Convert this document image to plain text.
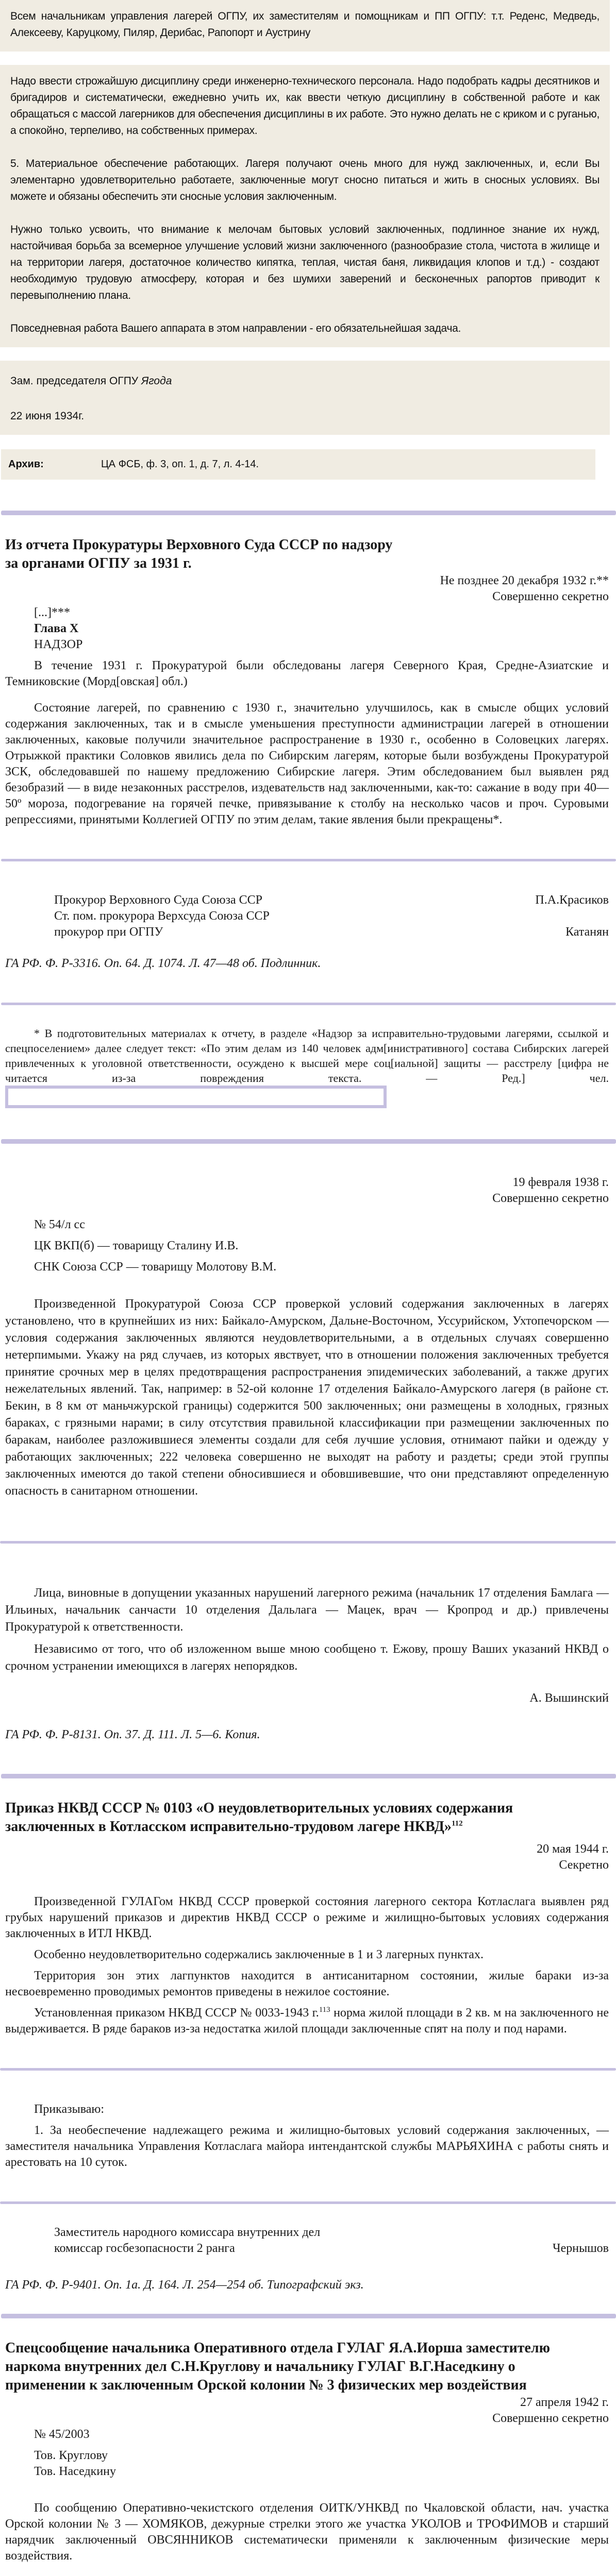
Всем начальникам управления лагерей ОГПУ, их заместителям и помощникам и ПП ОГПУ: т.т. Реденс, Медведь, Алексееву, Каруцкому, Пиляр, Дерибас, Рапопорт и Аустрину

Надо ввести строжайшую дисциплину среди инженерно-технического персонала. Надо подобрать кадры десятников и бригадиров и систематически, ежедневно учить их, как ввести четкую дисциплину в собственной работе и как обращаться с массой лагерников для обеспечения дисциплины в их работе. Это нужно делать не с криком и с руганью, а спокойно, терпеливо, на собственных примерах.

5. Материальное обеспечение работающих. Лагеря получают очень много для нужд заключенных, и, если Вы элементарно удовлетворительно работаете, заключенные могут сносно питаться и жить в сносных условиях. Вы можете и обязаны обеспечить эти сносные условия заключенным.

Нужно только усвоить, что внимание к мелочам бытовых условий заключенных, подлинное знание их нужд, настойчивая борьба за всемерное улучшение условий жизни заключенного (разнообразие стола, чистота в жилище и на территории лагеря, достаточное количество кипятка, теплая, чистая баня, ликвидация клопов и т.д.) - создают необходимую трудовую атмосферу, которая и без шумихи заверений и бесконечных рапортов приводит к перевыполнению плана.

Повседневная работа Вашего аппарата в этом направлении - его обязательнейшая задача.

Зам. председателя ОГПУ Ягода

22 июня 1934г.

Архив:	ЦА ФСБ, ф. 3, оп. 1, д. 7, л. 4-14.

Из отчета Прокуратуры Верховного Суда СССР по надзору за органами ОГПУ за 1931 г.

Не позднее 20 декабря 1932 г.**

Совершенно секретно

[...]***

Глава Х

НАДЗОР

В течение 1931 г. Прокуратурой были обследованы лагеря Северного Края, Средне-Азиатские и Темниковские (Морд[овская] обл.)

Состояние лагерей, по сравнению с 1930 г., значительно улучшилось, как в смысле общих условий содержания заключенных, так и в смысле уменьшения преступности администрации лагерей в отношении заключенных, каковые получили значительное распространение в 1930 г., особенно в Соловецких лагерях. Отрыжкой практики Соловков явились дела по Сибирским лагерям, которые были возбуждены Прокуратурой ЗСК, обследовавшей по нашему предложению Сибирские лагеря. Этим обследованием был выявлен ряд безобразий — в виде незаконных расстрелов, издевательств над заключенными, как-то: сажание в воду при 40—50º мороза, подогревание на горячей печке, привязывание к столбу на несколько часов и проч. Суровыми репрессиями, принятыми Коллегией ОГПУ по этим делам, такие явления были прекращены*.

Прокурор Верховного Суда Союза ССР	П.А.Красиков
Ст. пом. прокурора Верхсуда Союза ССР
прокурор при ОГПУ	Катанян

ГА РФ. Ф. Р-3316. Оп. 64. Д. 1074. Л. 47—48 об. Подлинник.

* В подготовительных материалах к отчету, в разделе «Надзор за исправительно-трудовыми лагерями, ссылкой и спецпоселением» далее следует текст: «По этим делам из 140 человек адм[инистративного] состава Сибирских лагерей привлеченных к уголовной ответственности, осуждено к высшей мере соц[иальной] защиты — расстрелу [цифра не читается из-за повреждения текста. — Ред.] чел.

19 февраля 1938 г.

Совершенно секретно

№ 54/л сс

ЦК ВКП(б) — товарищу Сталину И.В.

СНК Союза ССР — товарищу Молотову В.М.

Произведенной Прокуратурой Союза ССР проверкой условий содержания заключенных в лагерях установлено, что в крупнейших из них: Байкало-Амурском, Дальне-Восточном, Уссурийском, Ухтопечорском — условия содержания заключенных являются неудовлетворительными, а в отдельных случаях совершенно нетерпимыми. Укажу на ряд случаев, из которых явствует, что в отношении положения заключенных требуется принятие срочных мер в целях предотвращения распространения эпидемических заболеваний, а также других нежелательных явлений. Так, например: в 52-ой колонне 17 отделения Байкало-Амурского лагеря (в районе ст. Бекин, в 8 км от маньчжурской границы) содержится 500 заключенных; они размещены в холодных, грязных бараках, с грязными нарами; в силу отсутствия правильной классификации при размещении заключенных по баракам, наиболее разложившиеся элементы создали для себя лучшие условия, отнимают пайки и одежду у работающих заключенных; 222 человека совершенно не выходят на работу и раздеты; среди этой группы заключенных имеются до такой степени обносившиеся и обовшивевшие, что они представляют определенную опасность в санитарном отношении.

Лица, виновные в допущении указанных нарушений лагерного режима (начальник 17 отделения Бамлага — Ильиных, начальник санчасти 10 отделения Дальлага — Мацек, врач — Кропрод и др.) привлечены Прокуратурой к ответственности.

Независимо от того, что об изложенном выше мною сообщено т. Ежову, прошу Ваших указаний НКВД о срочном устранении имеющихся в лагерях непорядков.

А. Вышинский

ГА РФ. Ф. Р-8131. Оп. 37. Д. 111. Л. 5—6. Копия.

Приказ НКВД СССР № 0103 «О неудовлетворительных условиях содержания заключенных в Котласском исправительно-трудовом лагере НКВД»$^{112}$

20 мая 1944 г.

Секретно

Произведенной ГУЛАГом НКВД СССР проверкой состояния лагерного сектора Котласлага выявлен ряд грубых нарушений приказов и директив НКВД СССР о режиме и жилищно-бытовых условиях содержания заключенных в ИТЛ НКВД.

Особенно неудовлетворительно содержались заключенные в 1 и 3 лагерных пунктах.

Территория зон этих лагпунктов находится в антисанитарном состоянии, жилые бараки из-за несвоевременно проводимых ремонтов приведены в нежилое состояние.

Установленная приказом НКВД СССР № 0033-1943 г.$^{113}$ норма жилой площади в 2 кв. м на заключенного не выдерживается. В ряде бараков из-за недостатка жилой площади заключенные спят на полу и под нарами.

Приказываю:

1. За необеспечение надлежащего режима и жилищно-бытовых условий содержания заключенных, — заместителя начальника Управления Котласлага майора интендантской службы МАРЬЯХИНА с работы снять и арестовать на 10 суток.

Заместитель народного комиссара внутренних дел
комиссар госбезопасности 2 ранга	Чернышов

ГА РФ. Ф. Р-9401. Оп. 1а. Д. 164. Л. 254—254 об. Типографский экз.

Спецсообщение начальника Оперативного отдела ГУЛАГ Я.А.Иорша заместителю наркома внутренних дел С.Н.Круглову и начальнику ГУЛАГ В.Г.Наседкину о применении к заключенным Орской колонии № 3 физических мер воздействия

27 апреля 1942 г.

Совершенно секретно

№ 45/2003

Тов. Круглову

Тов. Наседкину

По сообщению Оперативно-чекистского отделения ОИТК/УНКВД по Чкаловской области, нач. участка Орской колонии № 3 — ХОМЯКОВ, дежурные стрелки этого же участка УКОЛОВ и ТРОФИМОВ и старший нарядчик заключенный ОВСЯННИКОВ систематически применяли к заключенным физические меры воздействия.
